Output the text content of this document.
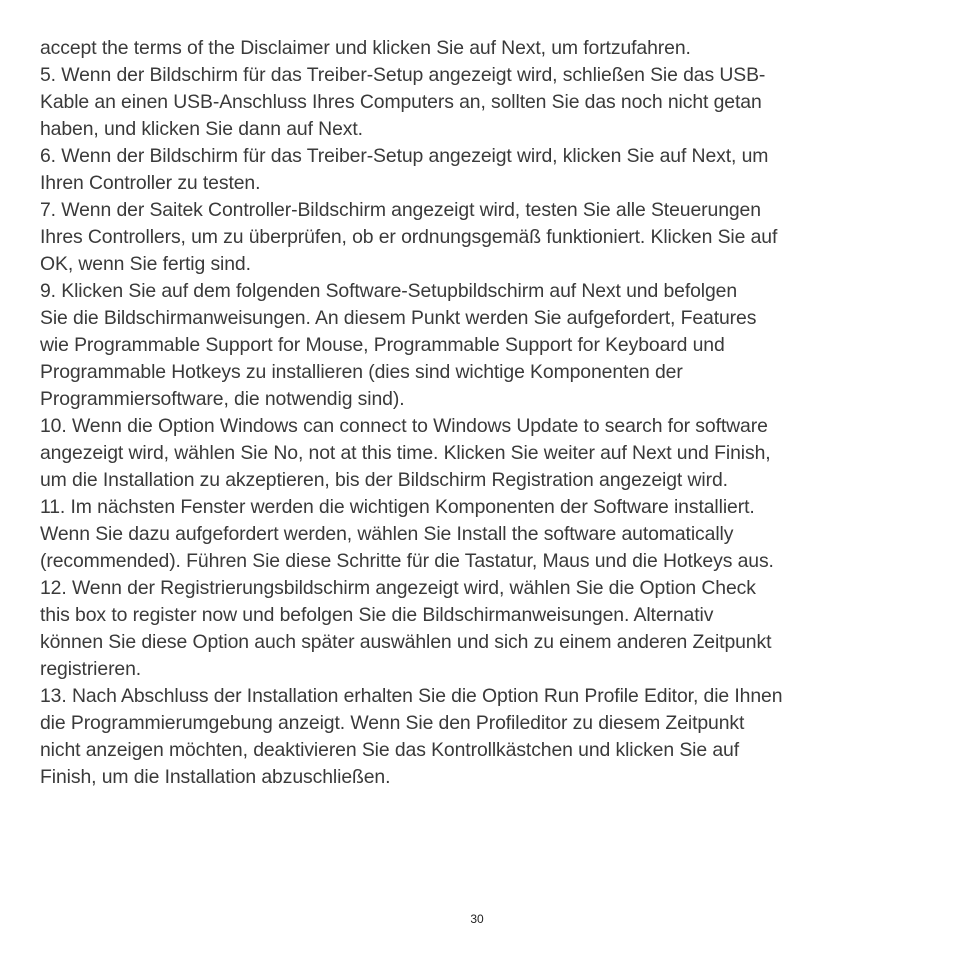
accept the terms of the Disclaimer und klicken Sie auf Next, um fortzufahren.
5. Wenn der Bildschirm für das Treiber-Setup angezeigt wird, schließen Sie das USB-
Kable an einen USB-Anschluss Ihres Computers an, sollten Sie das noch nicht getan
haben, und klicken Sie dann auf Next.
6. Wenn der Bildschirm für das Treiber-Setup angezeigt wird, klicken Sie auf Next, um
Ihren Controller zu testen.
7. Wenn der Saitek Controller-Bildschirm angezeigt wird, testen Sie alle Steuerungen
Ihres Controllers, um zu überprüfen, ob er ordnungsgemäß funktioniert. Klicken Sie auf
OK, wenn Sie fertig sind.
9. Klicken Sie auf dem folgenden Software-Setupbildschirm auf Next und befolgen
Sie die Bildschirmanweisungen. An diesem Punkt werden Sie aufgefordert, Features
wie Programmable Support for Mouse, Programmable Support for Keyboard und
Programmable Hotkeys zu installieren (dies sind wichtige Komponenten der
Programmiersoftware, die notwendig sind).
10. Wenn die Option Windows can connect to Windows Update to search for software
angezeigt wird, wählen Sie No, not at this time. Klicken Sie weiter auf Next und Finish,
um die Installation zu akzeptieren, bis der Bildschirm Registration angezeigt wird.
11. Im nächsten Fenster werden die wichtigen Komponenten der Software installiert.
Wenn Sie dazu aufgefordert werden, wählen Sie Install the software automatically
(recommended). Führen Sie diese Schritte für die Tastatur, Maus und die Hotkeys aus.
12. Wenn der Registrierungsbildschirm angezeigt wird, wählen Sie die Option Check
this box to register now und befolgen Sie die Bildschirmanweisungen. Alternativ
können Sie diese Option auch später auswählen und sich zu einem anderen Zeitpunkt
registrieren.
13. Nach Abschluss der Installation erhalten Sie die Option Run Profile Editor, die Ihnen
die Programmierumgebung anzeigt. Wenn Sie den Profileditor zu diesem Zeitpunkt
nicht anzeigen möchten, deaktivieren Sie das Kontrollkästchen und klicken Sie auf
Finish, um die Installation abzuschließen.
30
